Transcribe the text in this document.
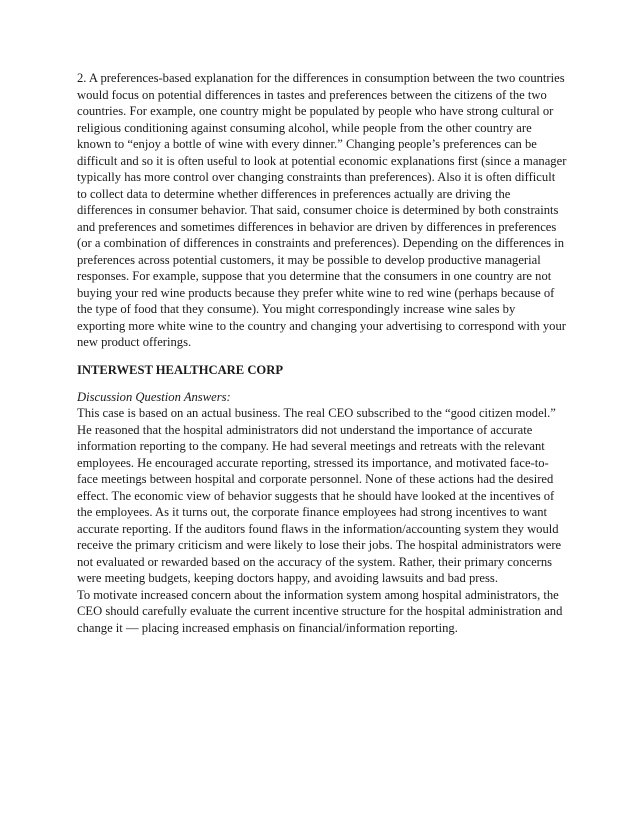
2. A preferences-based explanation for the differences in consumption between the two countries
would focus on potential differences in tastes and preferences between the citizens of the two
countries. For example, one country might be populated by people who have strong cultural or
religious conditioning against consuming alcohol, while people from the other country are
known to “enjoy a bottle of wine with every dinner.” Changing people’s preferences can be
difficult and so it is often useful to look at potential economic explanations first (since a manager
typically has more control over changing constraints than preferences). Also it is often difficult
to collect data to determine whether differences in preferences actually are driving the
differences in consumer behavior. That said, consumer choice is determined by both constraints
and preferences and sometimes differences in behavior are driven by differences in preferences
(or a combination of differences in constraints and preferences). Depending on the differences in
preferences across potential customers, it may be possible to develop productive managerial
responses. For example, suppose that you determine that the consumers in one country are not
buying your red wine products because they prefer white wine to red wine (perhaps because of
the type of food that they consume). You might correspondingly increase wine sales by
exporting more white wine to the country and changing your advertising to correspond with your
new product offerings.
INTERWEST HEALTHCARE CORP
Discussion Question Answers:
This case is based on an actual business. The real CEO subscribed to the “good citizen model.”
He reasoned that the hospital administrators did not understand the importance of accurate
information reporting to the company. He had several meetings and retreats with the relevant
employees. He encouraged accurate reporting, stressed its importance, and motivated face-to-
face meetings between hospital and corporate personnel. None of these actions had the desired
effect. The economic view of behavior suggests that he should have looked at the incentives of
the employees. As it turns out, the corporate finance employees had strong incentives to want
accurate reporting. If the auditors found flaws in the information/accounting system they would
receive the primary criticism and were likely to lose their jobs. The hospital administrators were
not evaluated or rewarded based on the accuracy of the system. Rather, their primary concerns
were meeting budgets, keeping doctors happy, and avoiding lawsuits and bad press.
To motivate increased concern about the information system among hospital administrators, the
CEO should carefully evaluate the current incentive structure for the hospital administration and
change it — placing increased emphasis on financial/information reporting.
